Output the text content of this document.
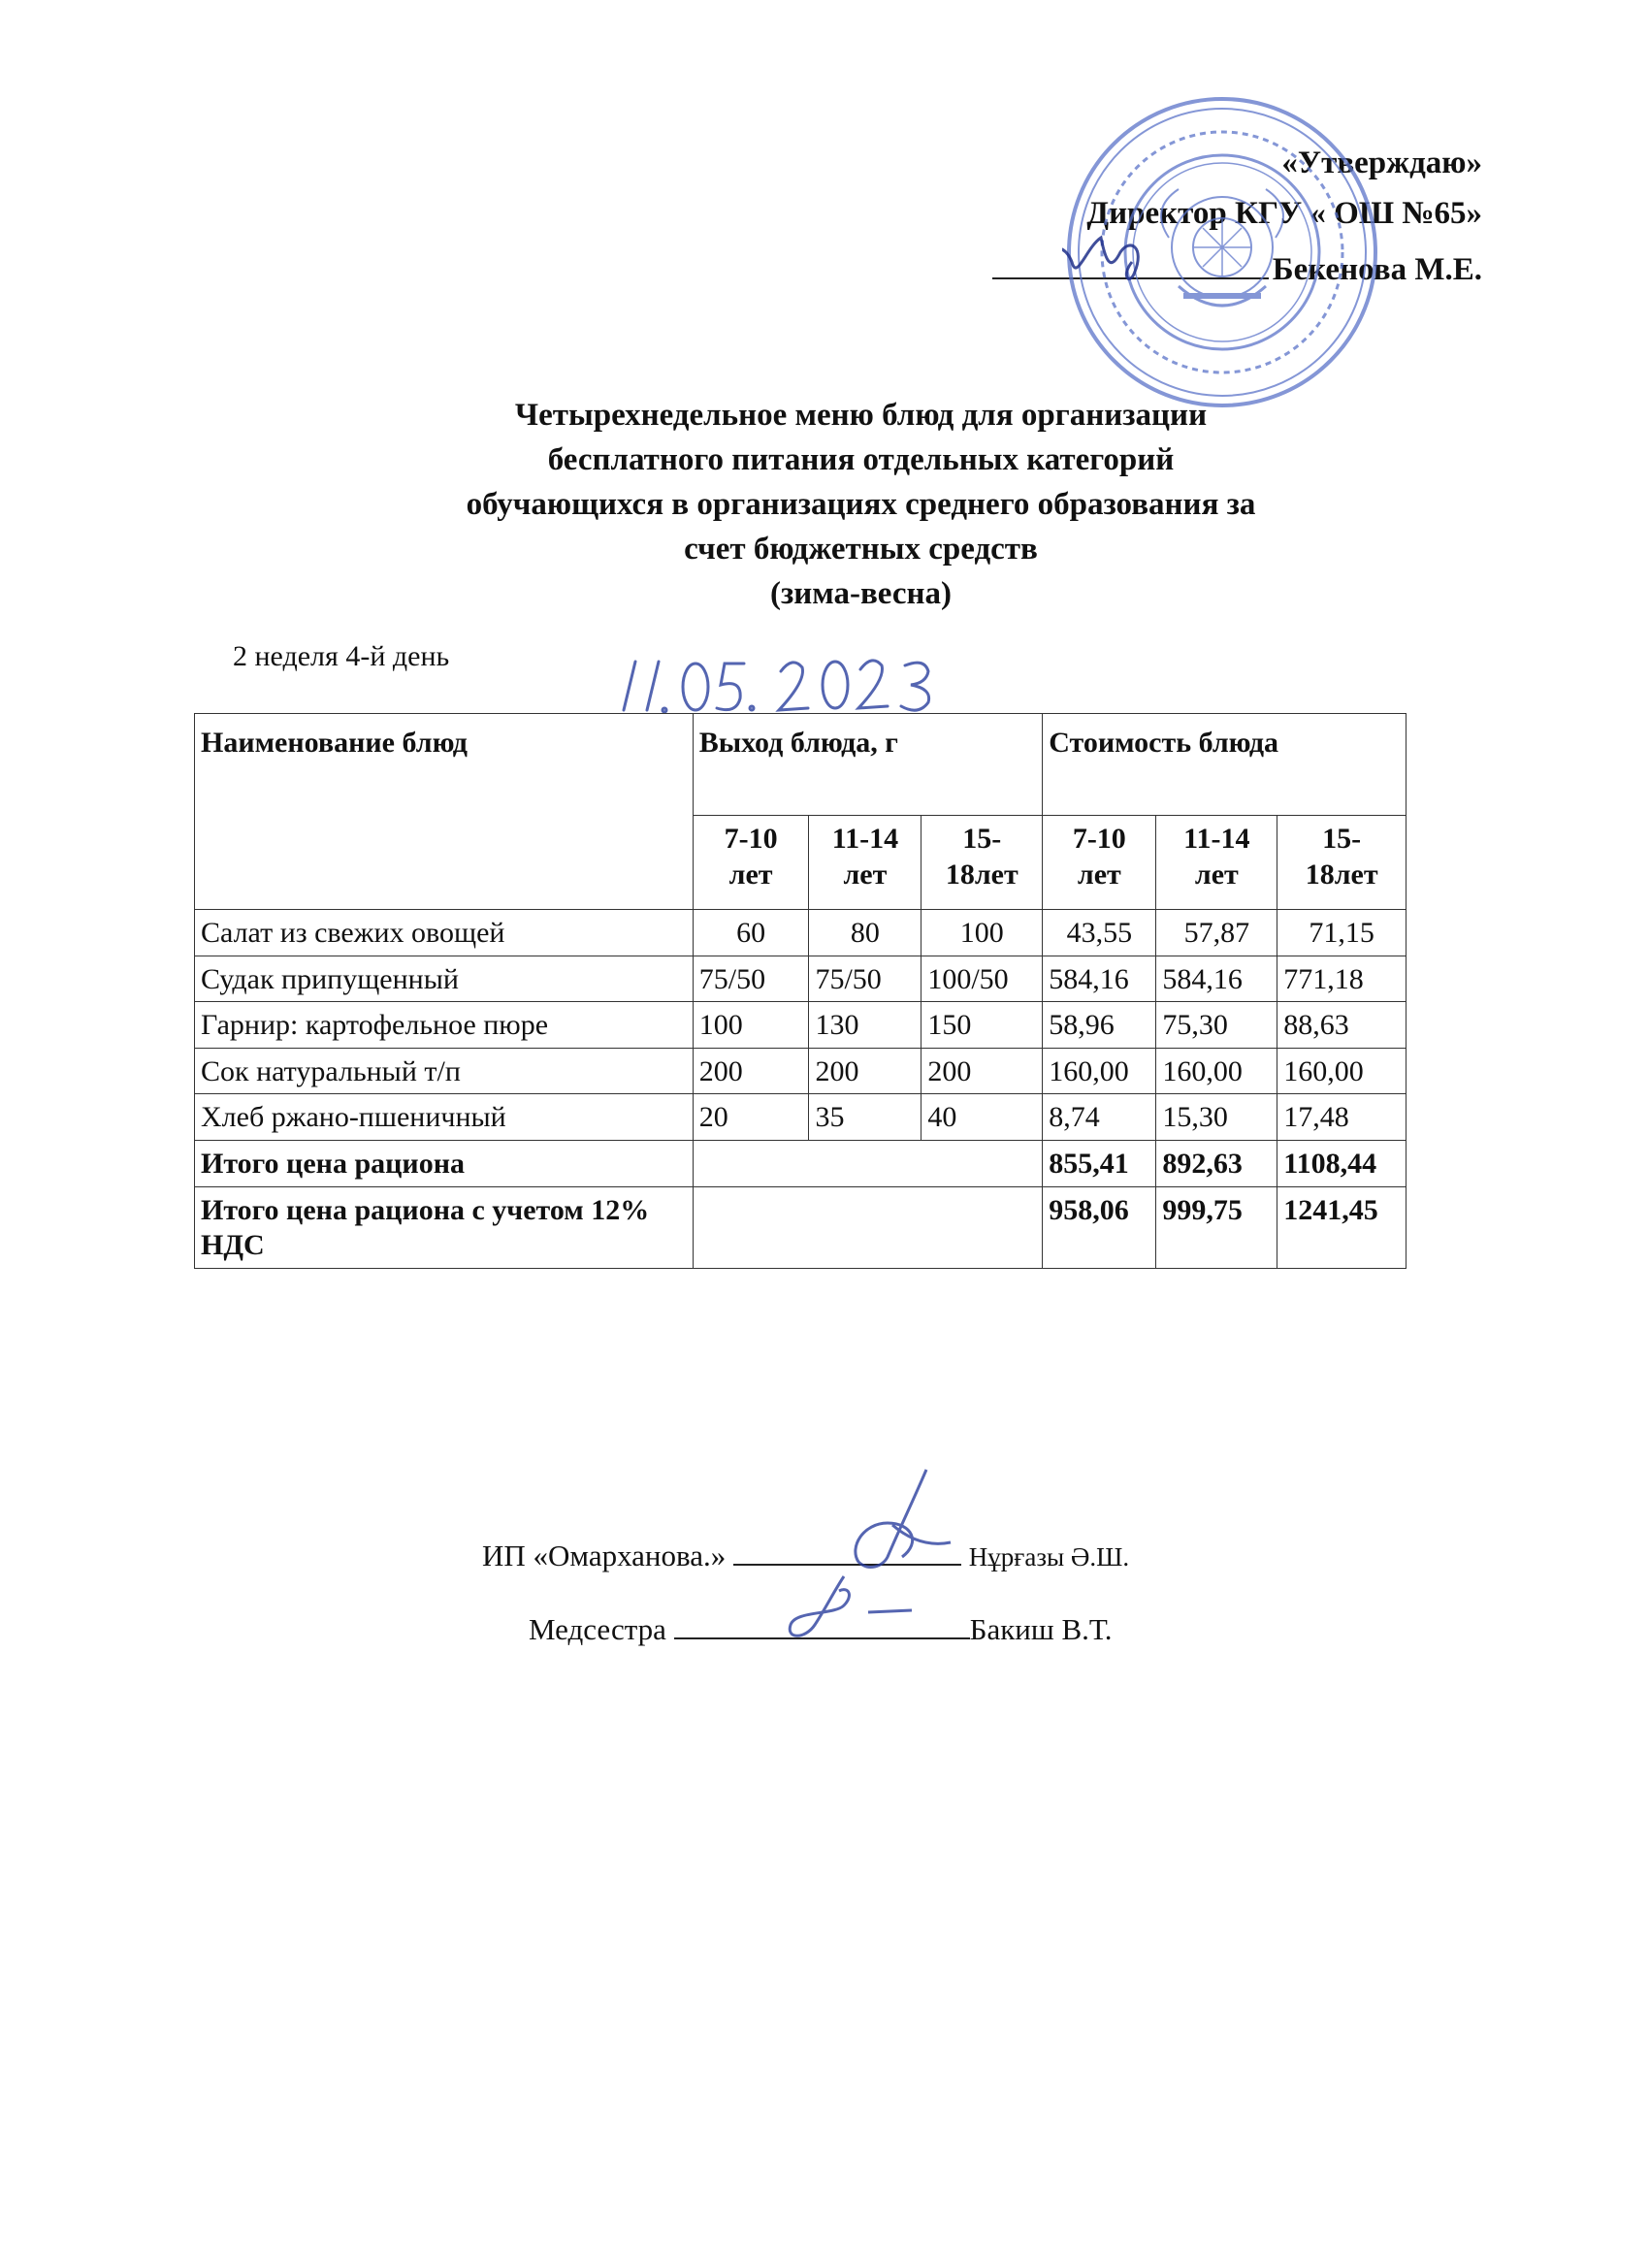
«Утверждаю»
Директор КГУ « ОШ №65»
Бекенова М.Е.
Четырехнедельное меню блюд для организации
бесплатного питания отдельных категорий
обучающихся в организациях среднего образования за
счет бюджетных средств
(зима-весна)
2 неделя 4-й день
Наименование блюд	Выход блюда, г			Стоимость блюда		
	7-10 лет	11-14 лет	15- 18лет	7-10 лет	11-14 лет	15- 18лет
Салат из свежих овощей	60	80	100	43,55	57,87	71,15
Судак припущенный	75/50	75/50	100/50	584,16	584,16	771,18
Гарнир: картофельное пюре	100	130	150	58,96	75,30	88,63
Сок натуральный т/п	200	200	200	160,00	160,00	160,00
Хлеб ржано-пшеничный	20	35	40	8,74	15,30	17,48
Итого цена рациона				855,41	892,63	1108,44
Итого цена рациона с учетом 12% НДС				958,06	999,75	1241,45
ИП «Омарханова.»	Нұрғазы Ә.Ш.
Медсестра	Бакиш В.Т.
